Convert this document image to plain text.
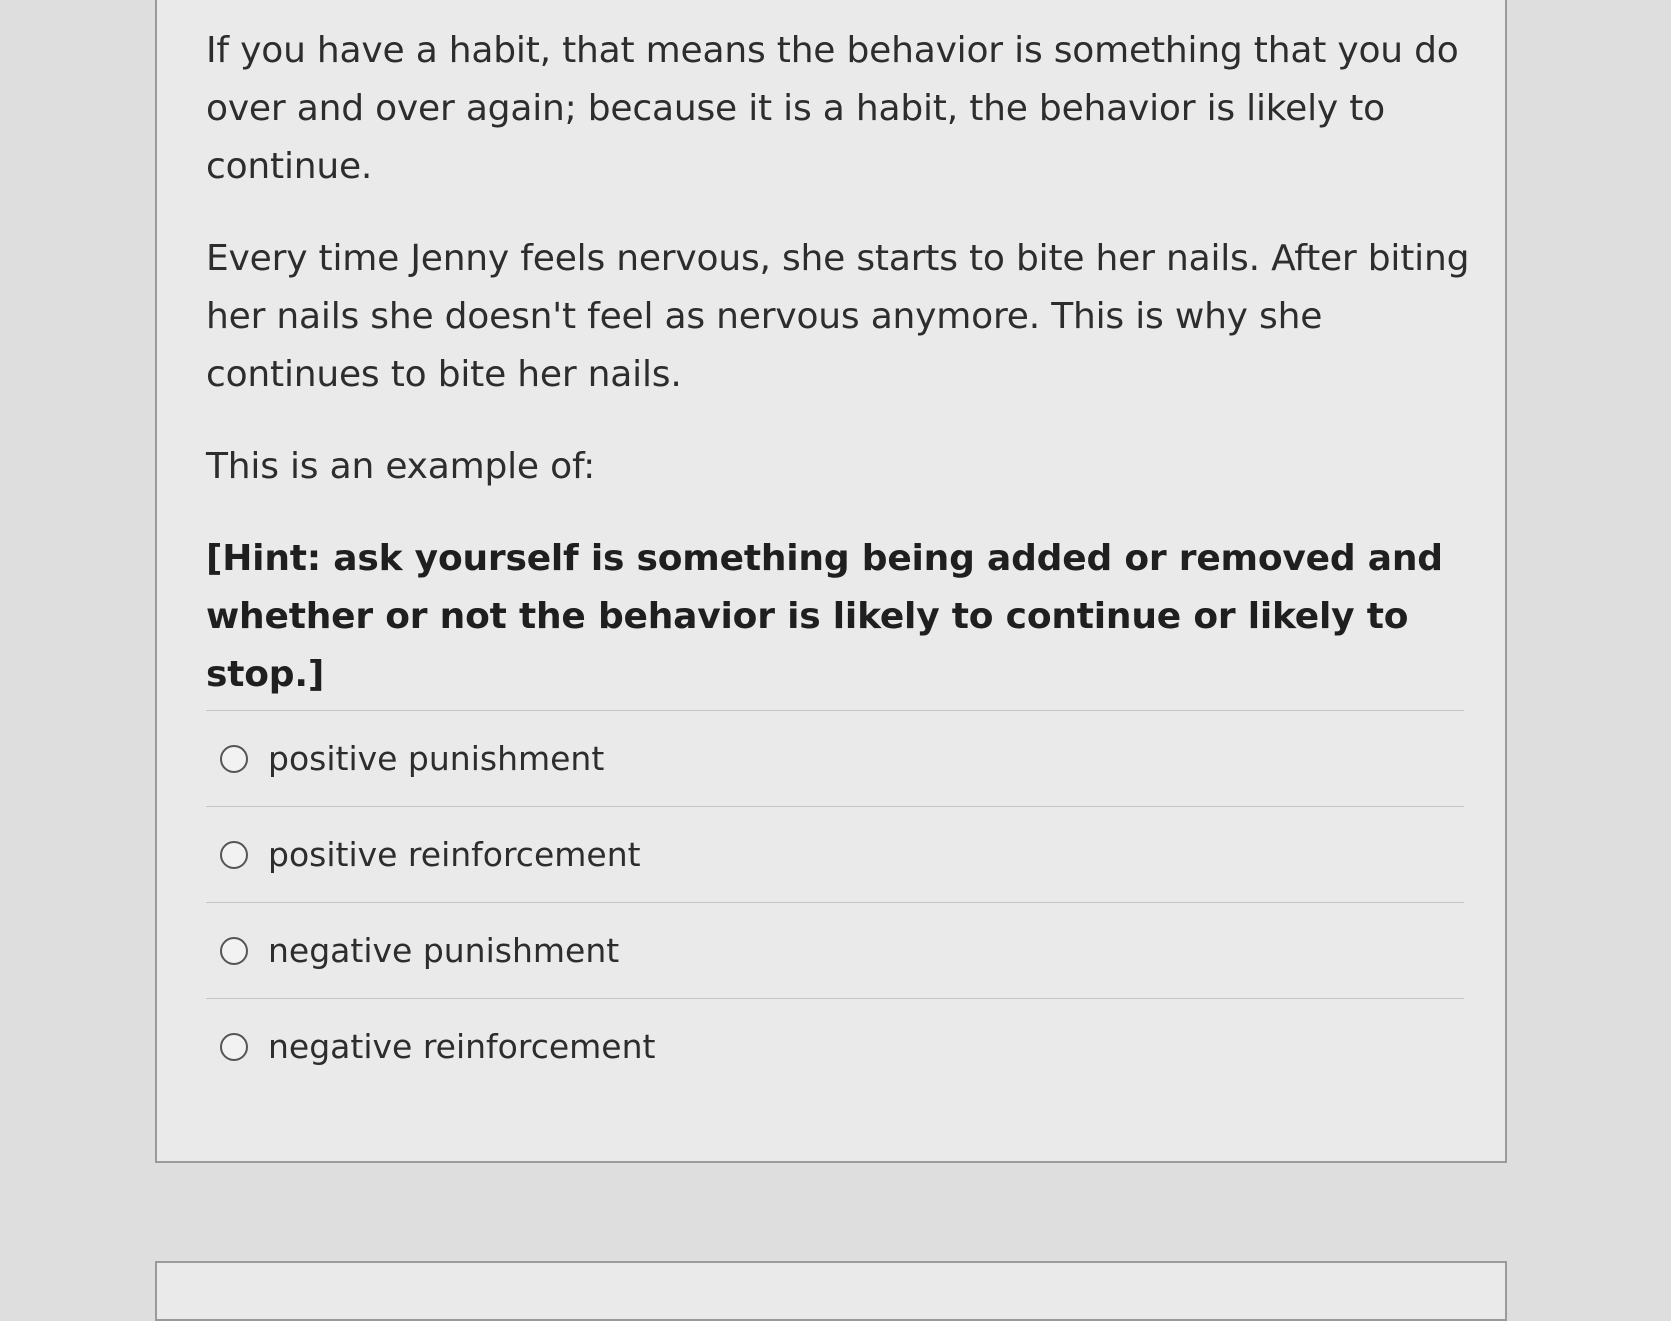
If you have a habit, that means the behavior is something that you do over and over again; because it is a habit, the behavior is likely to continue.

Every time Jenny feels nervous, she starts to bite her nails. After biting her nails she doesn't feel as nervous anymore. This is why she continues to bite her nails.

This is an example of:

[Hint: ask yourself is something being added or removed and whether or not the behavior is likely to continue or likely to stop.]

positive punishment
positive reinforcement
negative punishment
negative reinforcement
